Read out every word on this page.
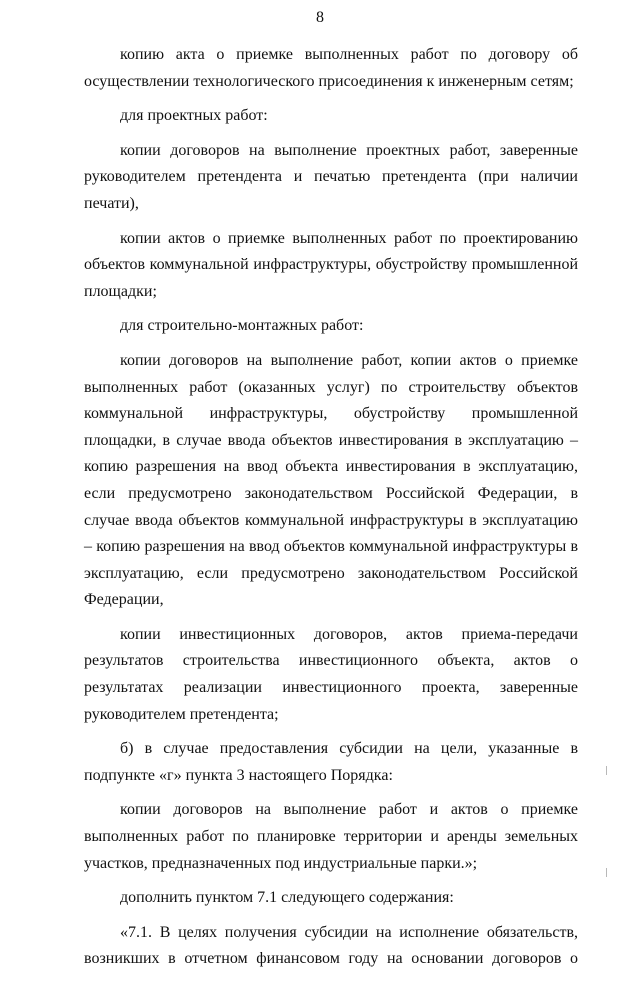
8

копию акта о приемке выполненных работ по договору об осуществлении технологического присоединения к инженерным сетям;

для проектных работ:

копии договоров на выполнение проектных работ, заверенные руководителем претендента и печатью претендента (при наличии печати),

копии актов о приемке выполненных работ по проектированию объектов коммунальной инфраструктуры, обустройству промышленной площадки;

для строительно-монтажных работ:

копии договоров на выполнение работ, копии актов о приемке выполненных работ (оказанных услуг) по строительству объектов коммунальной инфраструктуры, обустройству промышленной площадки, в случае ввода объектов инвестирования в эксплуатацию – копию разрешения на ввод объекта инвестирования в эксплуатацию, если предусмотрено законодательством Российской Федерации, в случае ввода объектов коммунальной инфраструктуры в эксплуатацию – копию разрешения на ввод объектов коммунальной инфраструктуры в эксплуатацию, если предусмотрено законодательством Российской Федерации,

копии инвестиционных договоров, актов приема-передачи результатов строительства инвестиционного объекта, актов о результатах реализации инвестиционного проекта, заверенные руководителем претендента;

б) в случае предоставления субсидии на цели, указанные в подпункте «г» пункта 3 настоящего Порядка:

копии договоров на выполнение работ и актов о приемке выполненных работ по планировке территории и аренды земельных участков, предназначенных под индустриальные парки.»;

дополнить пунктом 7.1 следующего содержания:

«7.1. В целях получения субсидии на исполнение обязательств, возникших в отчетном финансовом году на основании договоров о
